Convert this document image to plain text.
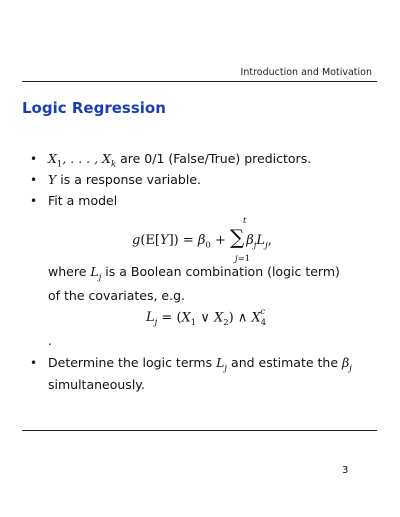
Introduction and Motivation
Logic Regression
• $X_1$, . . . , $X_k$ are 0/1 (False/True) predictors.
• Y is a response variable.
• Fit a model
$g(E[Y]) = \beta_0$ + ∑ $\beta_jL_j$,
t
j=1
where $L_j$ is a Boolean combination (logic term)
of the covariates, e.g.
$L_j = (X_1$ ∨ $X_2$) ∧ $X_4^c$
.
• Determine the logic terms $L_j$ and estimate the $\beta_j$
simultaneously.
3
